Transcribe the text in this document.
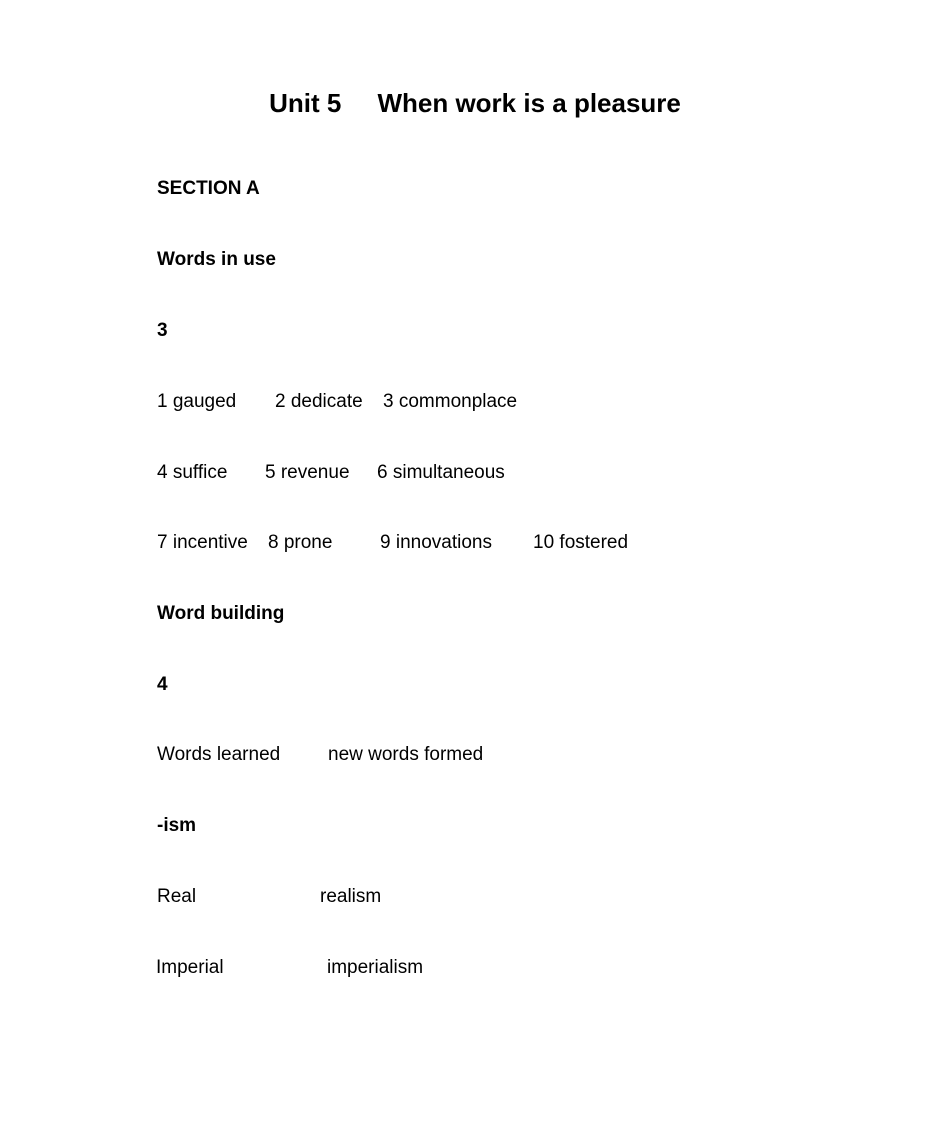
Unit 5 When work is a pleasure
SECTION A
Words in use
3
1 gauged 2 dedicate 3 commonplace
4 suffice 5 revenue 6 simultaneous
7 incentive 8 prone	9 innovations 10 fostered
Word building
4
Words learned	new words formed
-ism
Real	realism
Imperial	imperialism
